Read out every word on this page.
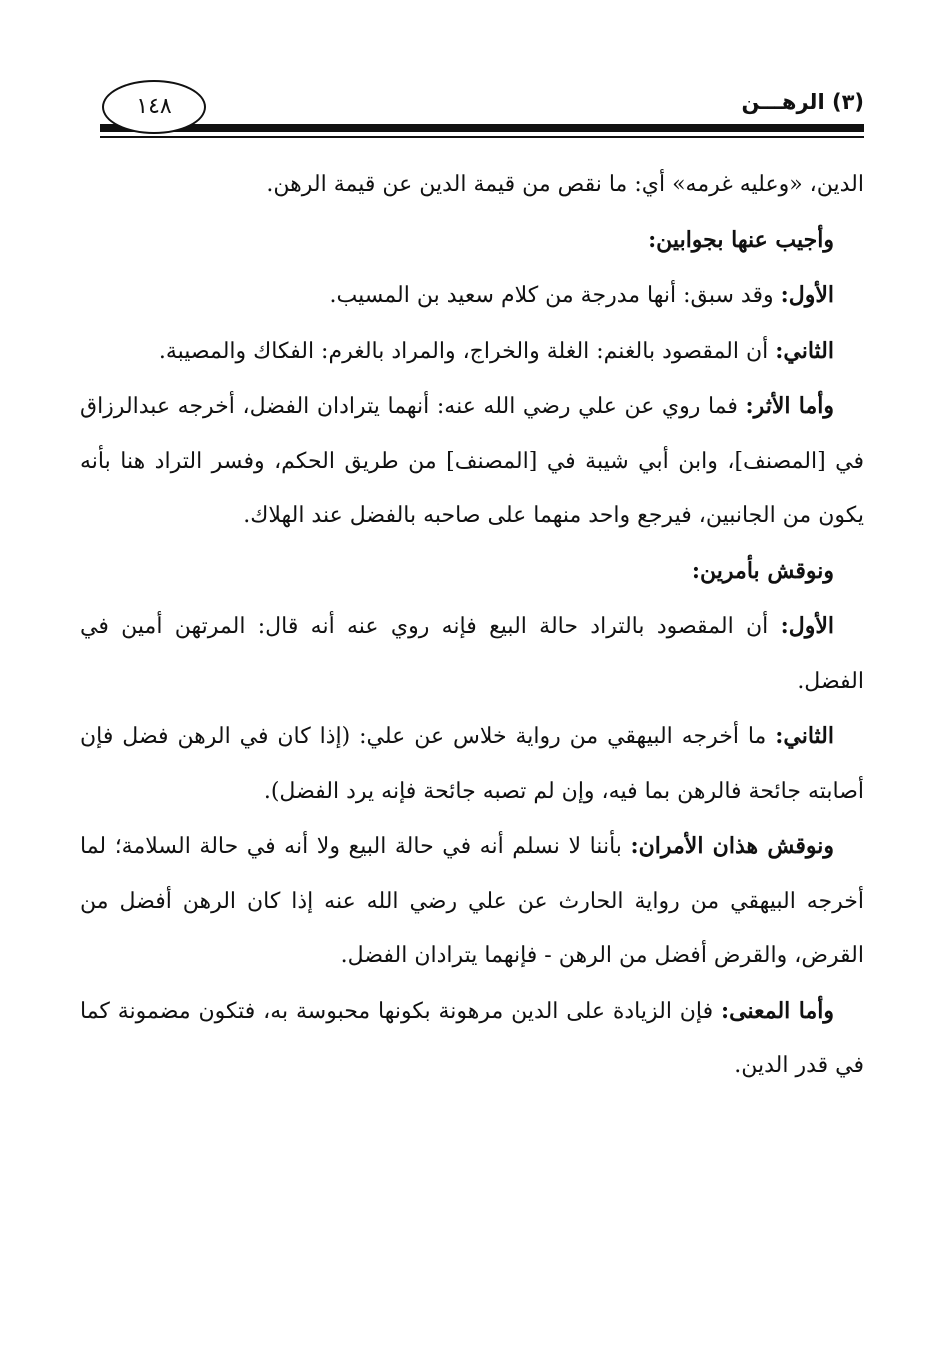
(٣) الرهـــن
١٤٨

الدين، «وعليه غرمه» أي: ما نقص من قيمة الدين عن قيمة الرهن.

وأجيب عنها بجوابين:

الأول: وقد سبق: أنها مدرجة من كلام سعيد بن المسيب.

الثاني: أن المقصود بالغنم: الغلة والخراج، والمراد بالغرم: الفكاك والمصيبة.

وأما الأثر: فما روي عن علي رضي الله عنه: أنهما يترادان الفضل، أخرجه عبدالرزاق في [المصنف]، وابن أبي شيبة في [المصنف] من طريق الحكم، وفسر التراد هنا بأنه يكون من الجانبين، فيرجع واحد منهما على صاحبه بالفضل عند الهلاك.

ونوقش بأمرين:

الأول: أن المقصود بالتراد حالة البيع فإنه روي عنه أنه قال: المرتهن أمين في الفضل.

الثاني: ما أخرجه البيهقي من رواية خلاس عن علي: (إذا كان في الرهن فضل فإن أصابته جائحة فالرهن بما فيه، وإن لم تصبه جائحة فإنه يرد الفضل).

ونوقش هذان الأمران: بأننا لا نسلم أنه في حالة البيع ولا أنه في حالة السلامة؛ لما أخرجه البيهقي من رواية الحارث عن علي رضي الله عنه إذا كان الرهن أفضل من القرض، والقرض أفضل من الرهن - فإنهما يترادان الفضل.

وأما المعنى: فإن الزيادة على الدين مرهونة بكونها محبوسة به، فتكون مضمونة كما في قدر الدين.
